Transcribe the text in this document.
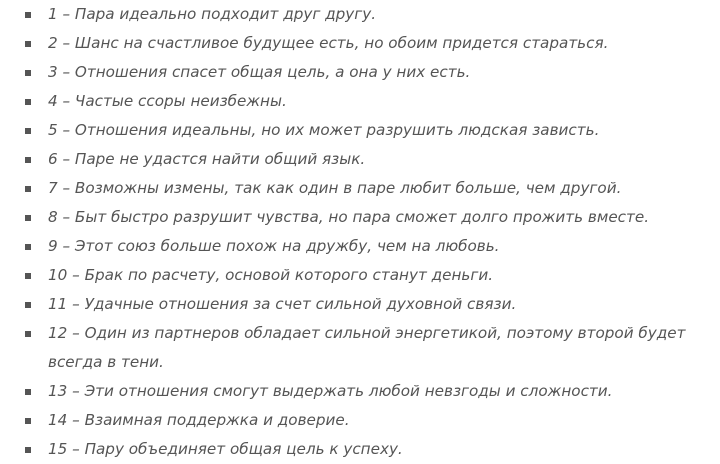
1 – Пара идеально подходит друг другу.
2 – Шанс на счастливое будущее есть, но обоим придется стараться.
3 – Отношения спасет общая цель, а она у них есть.
4 – Частые ссоры неизбежны.
5 – Отношения идеальны, но их может разрушить людская зависть.
6 – Паре не удастся найти общий язык.
7 – Возможны измены, так как один в паре любит больше, чем другой.
8 – Быт быстро разрушит чувства, но пара сможет долго прожить вместе.
9 – Этот союз больше похож на дружбу, чем на любовь.
10 – Брак по расчету, основой которого станут деньги.
11 – Удачные отношения за счет сильной духовной связи.
12 – Один из партнеров обладает сильной энергетикой, поэтому второй будет
всегда в тени.
13 – Эти отношения смогут выдержать любой невзгоды и сложности.
14 – Взаимная поддержка и доверие.
15 – Пару объединяет общая цель к успеху.
